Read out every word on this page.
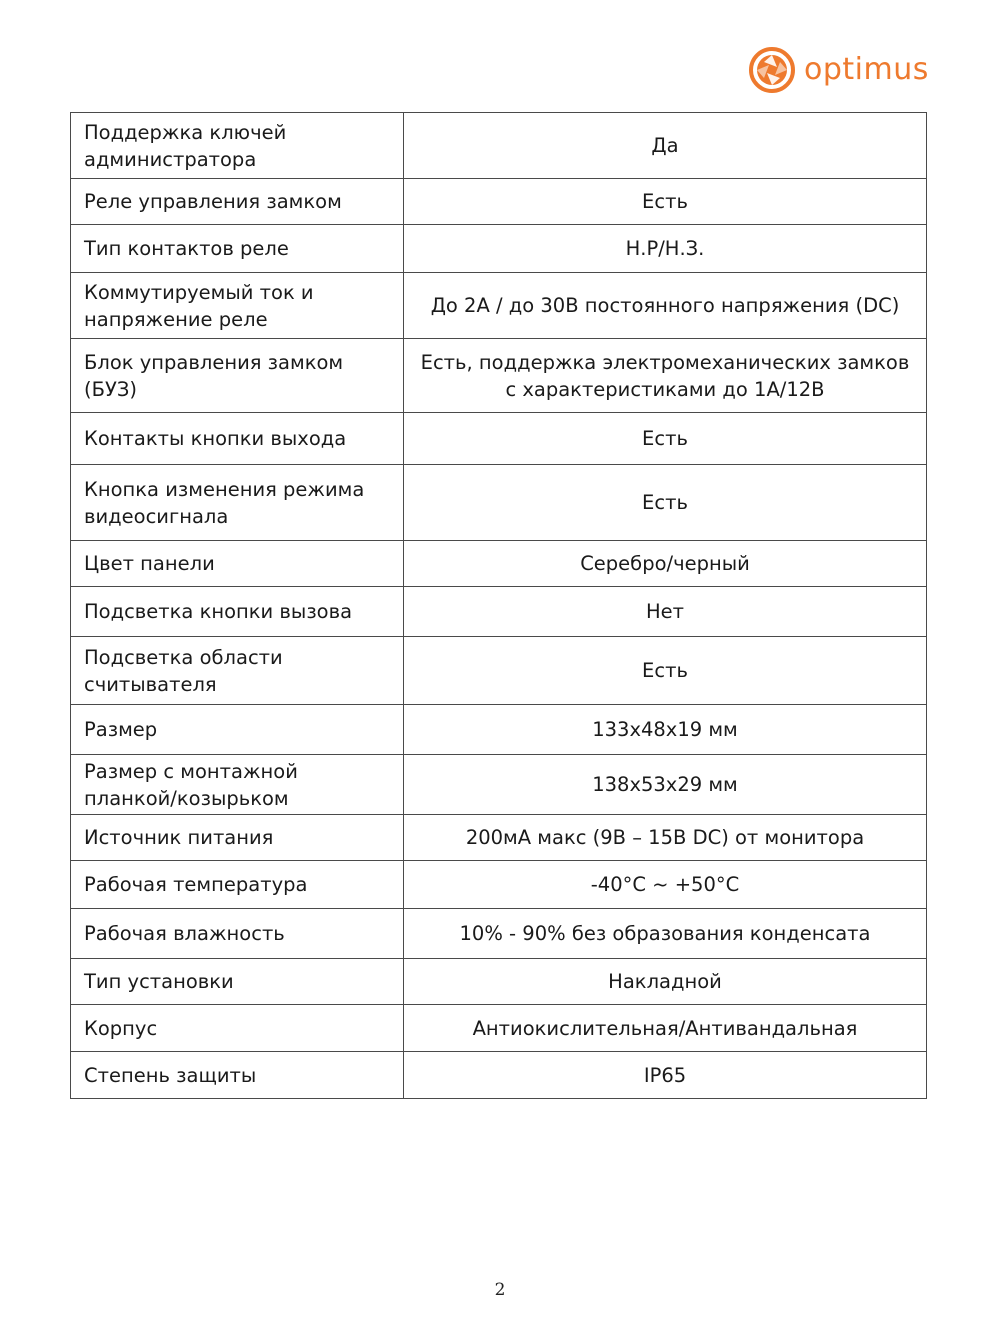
optimus
Поддержка ключей администратора	Да
Реле управления замком	Есть
Тип контактов реле	Н.Р/Н.З.
Коммутируемый ток и напряжение реле	До 2А / до 30В постоянного напряжения (DC)
Блок управления замком (БУЗ)	Есть, поддержка электромеханических замков с характеристиками до 1А/12В
Контакты кнопки выхода	Есть
Кнопка изменения режима видеосигнала	Есть
Цвет панели	Серебро/черный
Подсветка кнопки вызова	Нет
Подсветка области считывателя	Есть
Размер	133x48x19 мм
Размер с монтажной планкой/козырьком	138x53x29 мм
Источник питания	200мА макс (9В – 15В DC) от монитора
Рабочая температура	-40°С ~ +50°С
Рабочая влажность	10% - 90% без образования конденсата
Тип установки	Накладной
Корпус	Антиокислительная/Антивандальная
Степень защиты	IP65
2
